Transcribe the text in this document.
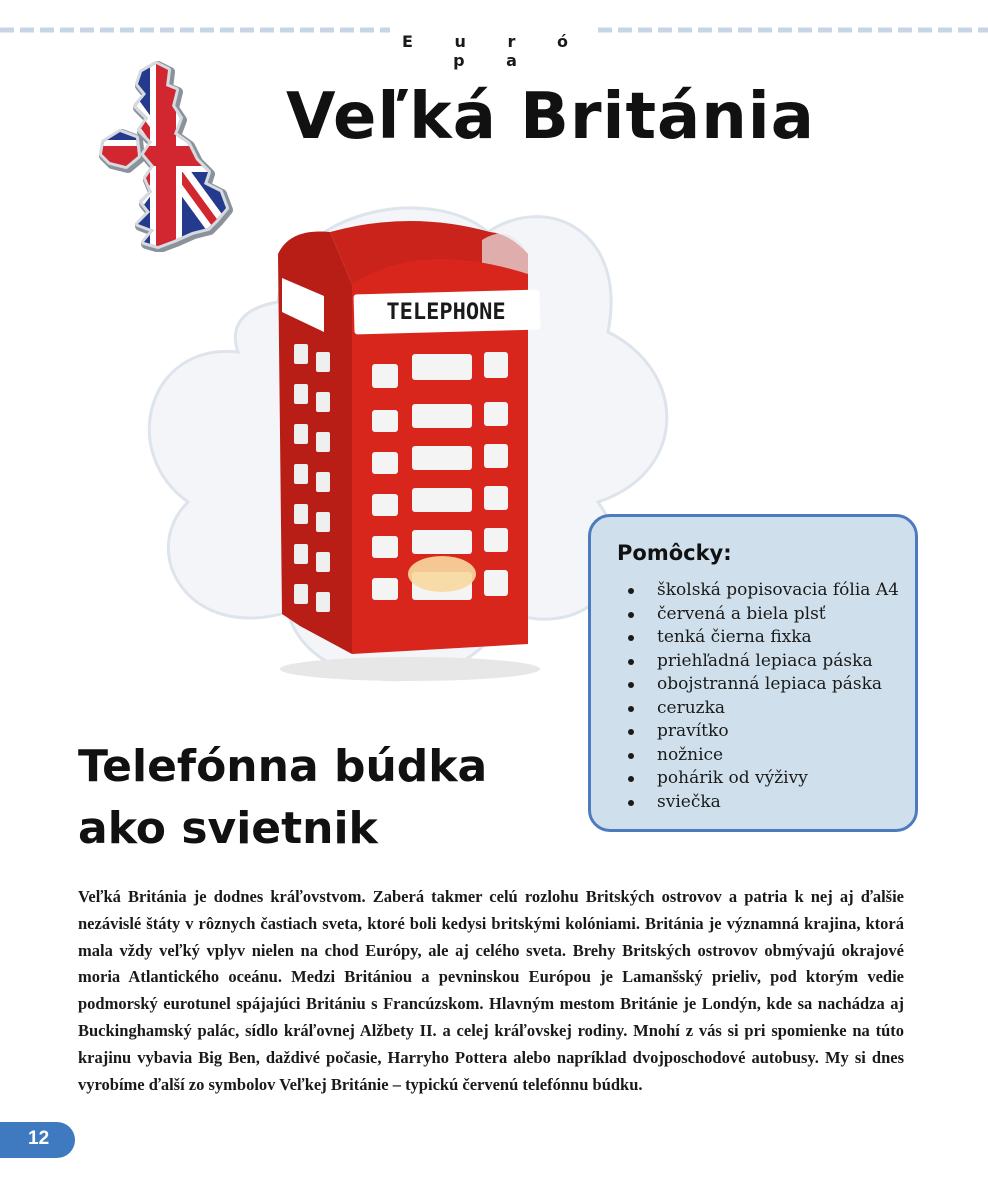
E u r ó p a
Veľká Británia
TELEPHONE
Pomôcky:
školská popisovacia fólia A4
červená a biela plsť
tenká čierna fixka
priehľadná lepiaca páska
obojstranná lepiaca páska
ceruzka
pravítko
nožnice
pohárik od výživy
sviečka
Telefónna búdka
ako svietnik

Veľká Británia je dodnes kráľovstvom. Zaberá takmer celú rozlohu Britských ostrovov a patria k nej aj ďalšie nezávislé štáty v rôznych častiach sveta, ktoré boli kedysi britskými kolóniami. Británia je významná krajina, ktorá mala vždy veľký vplyv nielen na chod Európy, ale aj celého sveta. Brehy Britských ostrovov obmývajú okrajové moria Atlantického oceánu. Medzi Britániou a pevninskou Európou je Lamanšský prieliv, pod ktorým vedie podmorský eurotunel spájajúci Britániu s Francúzskom. Hlavným mestom Británie je Londýn, kde sa nachádza aj Buckinghamský palác, sídlo kráľovnej Alžbety II. a celej kráľovskej rodiny. Mnohí z vás si pri spomienke na túto krajinu vybavia Big Ben, daždivé počasie, Harryho Pottera alebo napríklad dvojposchodové autobusy. My si dnes vyrobíme ďalší zo symbolov Veľkej Británie – typickú červenú telefónnu búdku.

12
